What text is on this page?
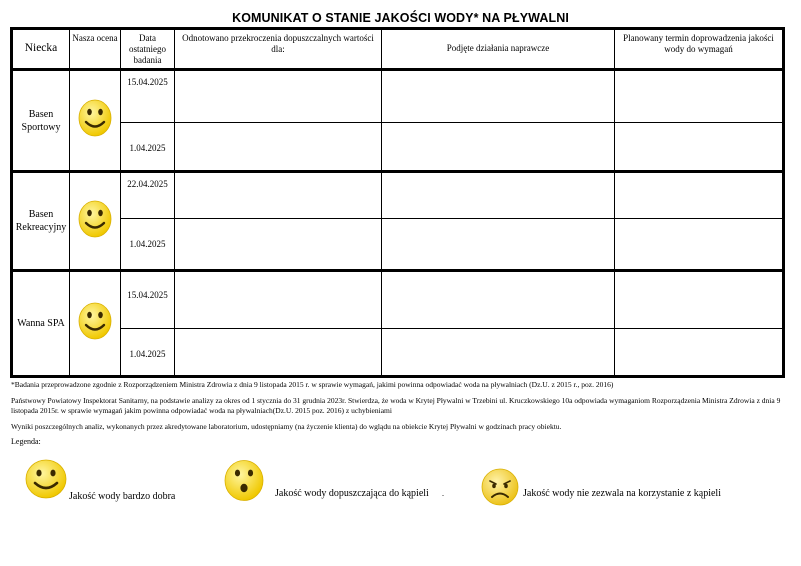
KOMUNIKAT O STANIE JAKOŚCI WODY* NA PŁYWALNI
Niecka	Nasza ocena	Data ostatniego badania	Odnotowano przekroczenia dopuszczalnych wartości dla:	Podjęte działania naprawcze	Planowany termin doprowadzenia jakości wody do wymagań
Basen Sportowy		15.04.2025			
		1.04.2025			
Basen Rekreacyjny		22.04.2025			
		1.04.2025			
Wanna SPA		15.04.2025			
		1.04.2025			
*Badania przeprowadzone zgodnie z Rozporządzeniem Ministra Zdrowia z dnia 9 listopada 2015 r. w sprawie wymagań, jakimi powinna odpowiadać woda na pływalniach (Dz.U. z 2015 r., poz. 2016)
Państwowy Powiatowy Inspektorat Sanitarny, na podstawie analizy za okres od 1 stycznia do 31 grudnia 2023r. Stwierdza, że woda w Krytej Pływalni w Trzebini ul. Kruczkowskiego 10a odpowiada wymaganiom Rozporządzenia Ministra Zdrowia z dnia 9 listopada 2015r. w sprawie wymagań jakim powinna odpowiadać woda na pływalniach(Dz.U. 2015 poz. 2016) z uchybieniami
Wyniki poszczególnych analiz, wykonanych przez akredytowane laboratorium, udostępniamy (na życzenie klienta) do wglądu na obiekcie Krytej Pływalni w godzinach pracy obiektu.
Legenda:
Jakość wody bardzo dobra	Jakość wody dopuszczająca do kąpieli .	Jakość wody nie zezwala na korzystanie z kąpieli
